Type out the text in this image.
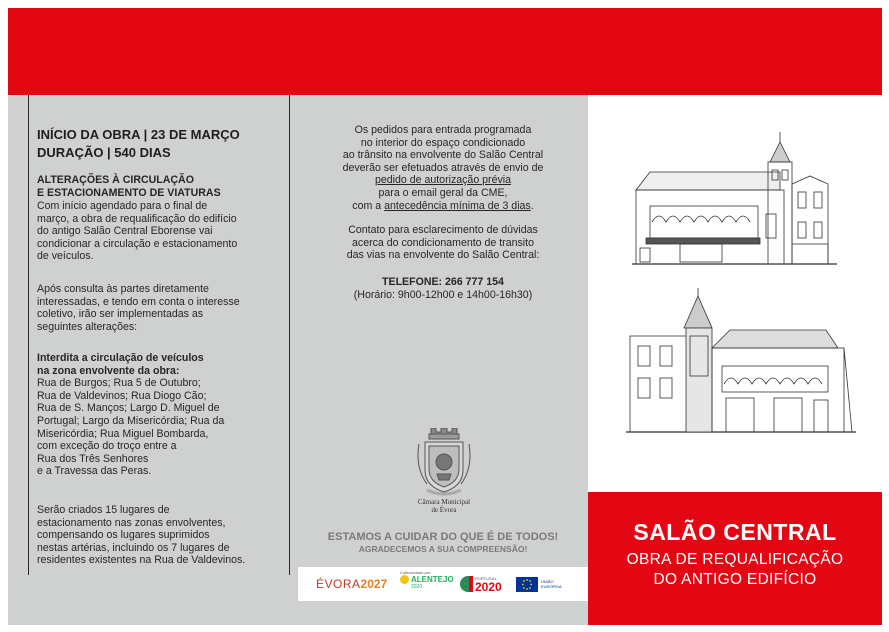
INÍCIO DA OBRA | 23 DE MARÇO
DURAÇÃO | 540 DIAS
ALTERAÇÕES À CIRCULAÇÃO
E ESTACIONAMENTO DE VIATURAS
Com início agendado para o final de
março, a obra de requalificação do edifício
do antigo Salão Central Eborense vai
condicionar a circulação e estacionamento
de veículos.
Após consulta às partes diretamente
interessadas, e tendo em conta o interesse
coletivo, irão ser implementadas as
seguintes alterações:
Interdita a circulação de veículos
na zona envolvente da obra:
Rua de Burgos; Rua 5 de Outubro;
Rua de Valdevinos; Rua Diogo Cão;
Rua de S. Manços; Largo D. Miguel de
Portugal; Largo da Misericórdia; Rua da
Misericórdia; Rua Miguel Bombarda,
com exceção do troço entre a
Rua dos Três Senhores
e a Travessa das Peras.
Serão criados 15 lugares de
estacionamento nas zonas envolventes,
compensando os lugares suprimidos
nestas artérias, incluindo os 7 lugares de
residentes existentes na Rua de Valdevinos.
Os pedidos para entrada programada
no interior do espaço condicionado
ao trânsito na envolvente do Salão Central
deverão ser efetuados através de envio de
pedido de autorização prévia
para o email geral da CME,
com a antecedência mínima de 3 dias.
Contato para esclarecimento de dúvidas
acerca do condicionamento de transito
das vias na envolvente do Salão Central:
TELEFONE: 266 777 154
(Horário: 9h00-12h00 e 14h00-16h30)
Câmara Municipal
de Évora
ESTAMOS A CUIDAR DO QUE É DE TODOS!
AGRADECEMOS A SUA COMPREENSÃO!
ÉVORA 2027
Cofinanciado por:
ALENTEJO
2020
PORTUGAL
2020	UNIÃO EUROPEIA
SALÃO CENTRAL
OBRA DE REQUALIFICAÇÃO
DO ANTIGO EDIFÍCIO
